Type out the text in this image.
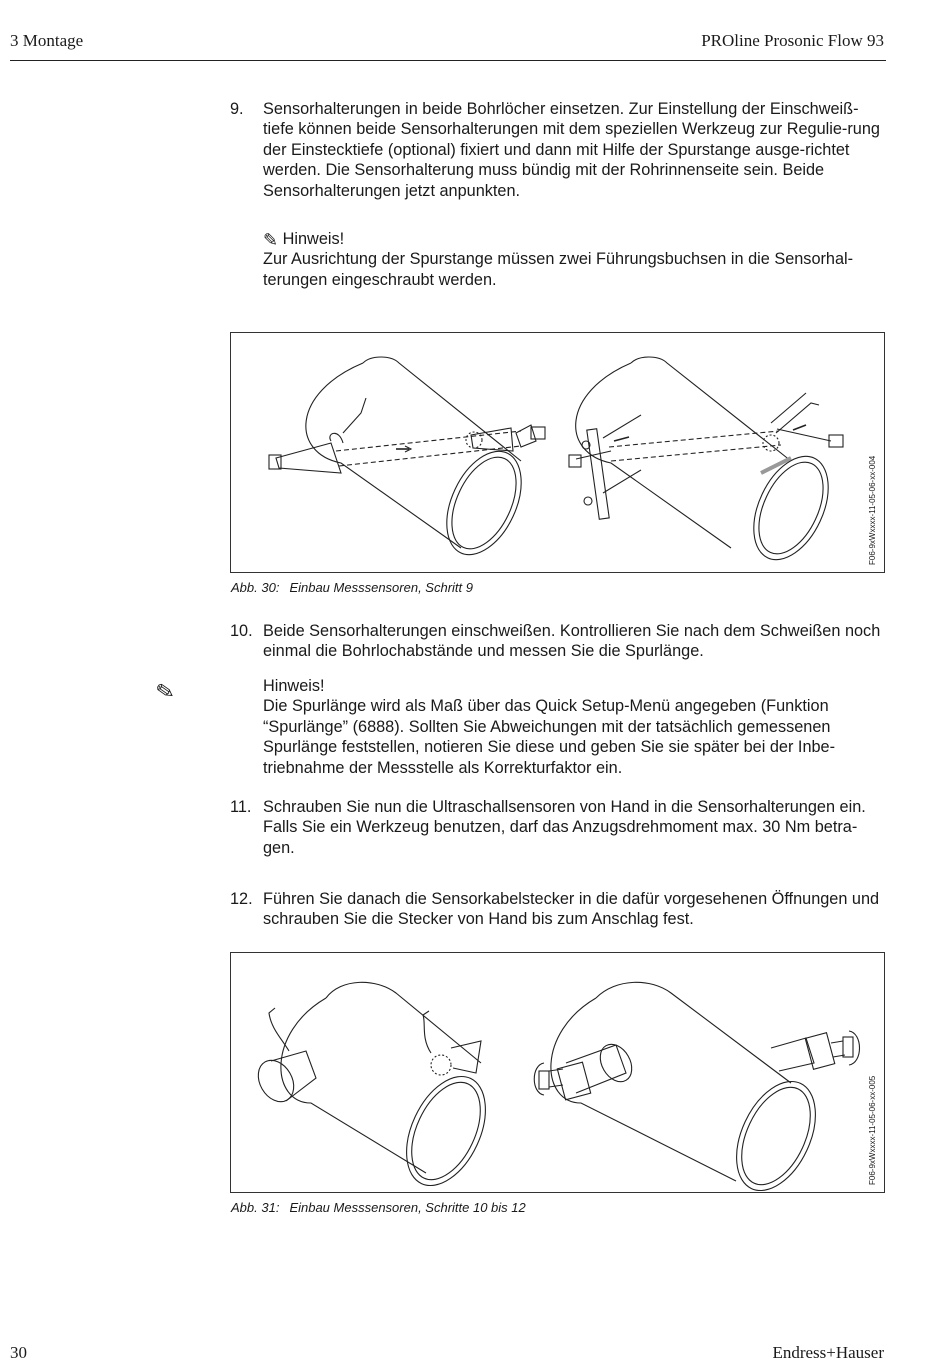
3 Montage	PROline Prosonic Flow 93
9. Sensorhalterungen in beide Bohrlöcher einsetzen. Zur Einstellung der Einschweiß-tiefe können beide Sensorhalterungen mit dem speziellen Werkzeug zur Regulie-rung der Einstecktiefe (optional) fixiert und dann mit Hilfe der Spurstange ausge-richtet werden. Die Sensorhalterung muss bündig mit der Rohrinnenseite sein. Beide Sensorhalterungen jetzt anpunkten.
✎ Hinweis!
Zur Ausrichtung der Spurstange müssen zwei Führungsbuchsen in die Sensorhal-terungen eingeschraubt werden.
F06-9xWxxxx-11-05-06-xx-004
Abb. 30: Einbau Messsensoren, Schritt 9
10. Beide Sensorhalterungen einschweißen. Kontrollieren Sie nach dem Schweißen noch einmal die Bohrlochabstände und messen Sie die Spurlänge.
✎	Hinweis!
Die Spurlänge wird als Maß über das Quick Setup-Menü angegeben (Funktion “Spurlänge” (6888). Sollten Sie Abweichungen mit der tatsächlich gemessenen Spurlänge feststellen, notieren Sie diese und geben Sie sie später bei der Inbe-triebnahme der Messstelle als Korrekturfaktor ein.
11. Schrauben Sie nun die Ultraschallsensoren von Hand in die Sensorhalterungen ein. Falls Sie ein Werkzeug benutzen, darf das Anzugsdrehmoment max. 30 Nm betra-gen.
12. Führen Sie danach die Sensorkabelstecker in die dafür vorgesehenen Öffnungen und schrauben Sie die Stecker von Hand bis zum Anschlag fest.
F06-9xWxxxx-11-05-06-xx-005
Abb. 31: Einbau Messsensoren, Schritte 10 bis 12
30	Endress+Hauser
